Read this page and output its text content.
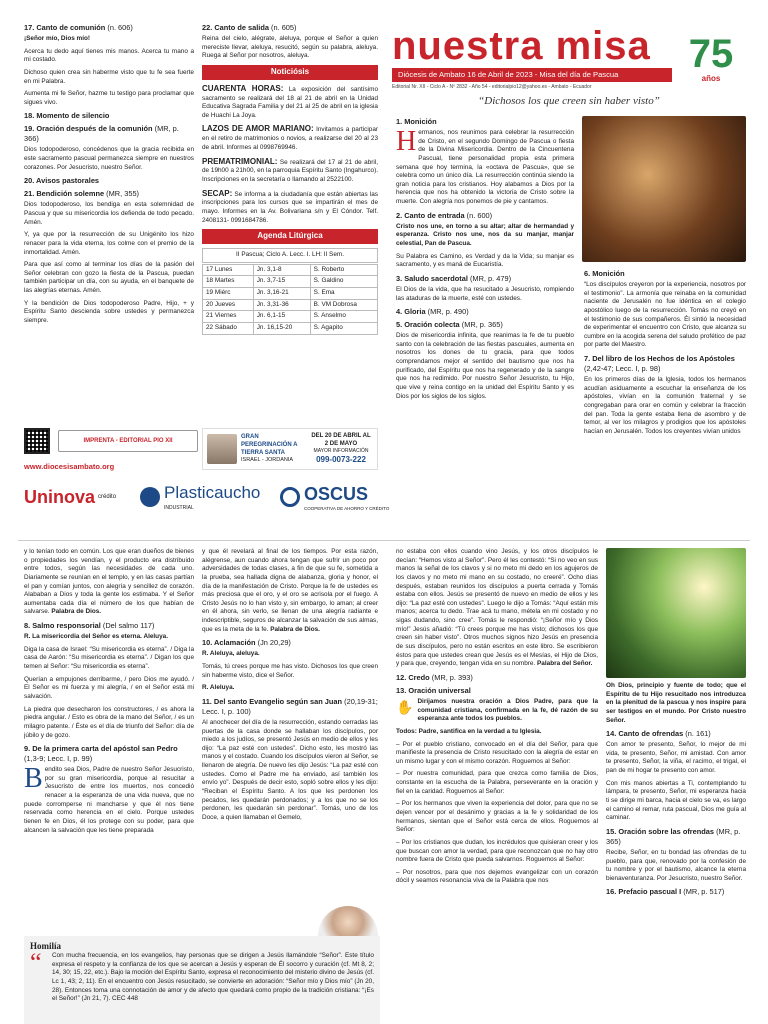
17. Canto de comunión (n. 606)

¡Señor mío, Dios mío!

Acerca tu dedo aquí tienes mis manos. Acerca tu mano a mi costado.

Dichoso quien crea sin haberme visto que tu fe sea fuerte en mi Palabra.

Aumenta mi fe Señor, hazme tu testigo para proclamar que sigues vivo.

18. Momento de silencio
19. Oración después de la comunión (MR, p. 366)

Dios todopoderoso, concédenos que la gracia recibida en este sacramento pascual permanezca siempre en nuestros corazones. Por Jesucristo, nuestro Señor.

20. Avisos pastorales
21. Bendición solemne (MR, 355)

Dios todopoderoso, los bendiga en esta solemnidad de Pascua y que su misericordia los defienda de todo pecado. Amén.

Y, ya que por la resurrección de su Unigénito los hizo renacer para la vida eterna, los colme con el premio de la inmortalidad. Amén.

Para que así como al terminar los días de la pasión del Señor celebran con gozo la fiesta de la Pascua, puedan también participar un día, con su ayuda, en el banquete de las alegrías eternas. Amén.

Y la bendición de Dios todopoderoso Padre, Hijo, + y Espíritu Santo descienda sobre ustedes y permanezca siempre.

IMPRENTA - EDITORIAL PIO XII
www.diocesisambato.org
22. Canto de salida (n. 605)

Reina del cielo, alégrate, aleluya, porque el Señor a quien mereciste llevar, aleluya, resucitó, según su palabra, aleluya. Ruega al Señor por nosotros, aleluya.

Noticiósis
CUARENTA HORAS: La exposición del santísimo sacramento se realizará del 18 al 21 de abril en la Unidad Educativa Sagrada Familia y del 21 al 25 de abril en la iglesia de Huachi La Joya.
LAZOS DE AMOR MARIANO: Invitamos a participar en el retiro de matrimonios o novios, a realizarse del 20 al 23 de abril. Informes al 0998769946.
PREMATRIMONIAL: Se realizará del 17 al 21 de abril, de 19h00 a 21h00, en la parroquia Espíritu Santo (Ingahurco). Inscripciones en la secretaría o llamando al 2522100.
SECAP: Se informa a la ciudadanía que están abiertas las inscripciones para los cursos que se impartirán el mes de mayo. Informes en la Av. Bolivariana s/n y El Cóndor. Telf. 2408131- 0991684786.
Agenda Litúrgica
II Pascua; Ciclo A. Lecc. I. LH: II Sem.
17 Lunes	Jn. 3,1-8	S. Roberto
18 Martes	Jn. 3,7-15	S. Galdino
19 Miérc	Jn. 3,16-21	S. Ema
20 Jueves	Jn. 3,31-36	B. VM Dobrosa
21 Viernes	Jn. 6,1-15	S. Anselmo
22 Sábado	Jn. 16,15-20	S. Agapito
GRAN PEREGRINACIÓN A TIERRA SANTA
ISRAEL - JORDANIA
DEL 20 DE ABRIL AL 2 DE MAYO
MAYOR INFORMACIÓN
099-0073-222
nuestra misa
Diócesis de Ambato 16 de Abril de 2023 - Misa del día de Pascua
Editorial Nr. XII - Ciclo A - Nº 2832 - Año 54 - editorialpio12@yahoo.es - Ambato - Ecuador
75
años
“Dichosos los que creen sin haber visto”
1. Monición

Hermanos, nos reunimos para celebrar la resurrección de Cristo, en el segundo Domingo de Pascua o fiesta de la Divina Misericordia. Dentro de la Cincuentena Pascual, tiene personalidad propia esta primera semana que hoy termina, la «octava de Pascua», que se celebra como un único día. La resurrección continúa siendo la gran noticia para los cristianos. Hoy alabamos a Dios por la herencia que nos ha obtenido la victoria de Cristo sobre la muerte. Con alegría nos ponemos de pie y cantamos.

2. Canto de entrada (n. 600)

Cristo nos une, en torno a su altar; altar de hermandad y esperanza. Cristo nos une, nos da su manjar, manjar celestial, Pan de Pascua.

Su Palabra es Camino, es Verdad y da la Vida; su manjar es sacramento, y es maná de Eucaristía.

3. Saludo sacerdotal (MR, p. 479)

El Dios de la vida, que ha resucitado a Jesucristo, rompiendo las ataduras de la muerte, esté con ustedes.

4. Gloria (MR, p. 490)
5. Oración colecta (MR, p. 365)

Dios de misericordia infinita, que reanimas la fe de tu pueblo santo con la celebración de las fiestas pascuales, aumenta en nosotros los dones de tu gracia, para que todos comprendamos mejor el sentido del bautismo que nos ha purificado, del Espíritu que nos ha regenerado y de la sangre que nos ha redimido. Por nuestro Señor Jesucristo, tu Hijo, que vive y reina contigo en la unidad del Espíritu Santo y es Dios por los siglos de los siglos.

6. Monición

“Los discípulos creyeron por la experiencia, nosotros por el testimonio”. La armonía que reinaba en la comunidad naciente de Jerusalén no fue idéntica en el colegio apostólico luego de la resurrección. Tomás no creyó en el testimonio de sus compañeros. Él sintió la necesidad de experimentar el encuentro con Cristo, que alcanza su cumbre en la acogida serena del saludo profético de paz por parte del Maestro.

7. Del libro de los Hechos de los Apóstoles (2,42-47; Lecc. I, p. 98)

En los primeros días de la Iglesia, todos los hermanos acudían asiduamente a escuchar la enseñanza de los apóstoles, vivían en la comunión fraternal y se congregaban para orar en común y celebrar la fracción del pan. Toda la gente estaba llena de asombro y de temor, al ver los milagros y prodigios que los apóstoles hacían en Jerusalén. Todos los creyentes vivían unidos

Uninova crédito	Plasticaucho
INDUSTRIAL
OSCUS
COOPERATIVA DE AHORRO Y CRÉDITO

y lo tenían todo en común. Los que eran dueños de bienes o propiedades los vendían, y el producto era distribuido entre todos, según las necesidades de cada uno. Diariamente se reunían en el templo, y en las casas partían el pan y comían juntos, con alegría y sencillez de corazón. Alababan a Dios y toda la gente los estimaba. Y el Señor aumentaba cada día el número de los que habían de salvarse. Palabra de Dios.

8. Salmo responsorial (Del salmo 117)

R. La misericordia del Señor es eterna. Aleluya.

Diga la casa de Israel: “Su misericordia es eterna”. / Diga la casa de Aarón: “Su misericordia es eterna”. / Digan los que temen al Señor: “Su misericordia es eterna”.

Querían a empujones derribarme, / pero Dios me ayudó. / El Señor es mi fuerza y mi alegría, / en el Señor está mi salvación.

La piedra que desecharon los constructores, / es ahora la piedra angular. / Esto es obra de la mano del Señor, / es un milagro patente. / Éste es el día de triunfo del Señor: día de júbilo y de gozo.

9. De la primera carta del apóstol san Pedro (1,3-9; Lecc. I, p. 99)

Bendito sea Dios, Padre de nuestro Señor Jesucristo, por su gran misericordia, porque al resucitar a Jesucristo de entre los muertos, nos concedió renacer a la esperanza de una vida nueva, que no puede corromperse ni mancharse y que él nos tiene reservada como herencia en el cielo. Porque ustedes tienen fe en Dios, él los protege con su poder, para que alcancen la salvación que les tiene preparada

y que él revelará al final de los tiempos. Por esta razón, alégrense, aun cuando ahora tengan que sufrir un poco por adversidades de todas clases, a fin de que su fe, sometida a la prueba, sea hallada digna de alabanza, gloria y honor, el día de la manifestación de Cristo. Porque la fe de ustedes es más preciosa que el oro, y el oro se acrisola por el fuego. A Cristo Jesús no lo han visto y, sin embargo, lo aman; al creer en él ahora, sin verlo, se llenan de una alegría radiante e indescriptible, seguros de alcanzar la salvación de sus almas, que es la meta de la fe. Palabra de Dios.

10. Aclamación (Jn 20,29)

R. Aleluya, aleluya.

Tomás, tú crees porque me has visto. Dichosos los que creen sin haberme visto, dice el Señor.

R. Aleluya.

11. Del santo Evangelio según san Juan (20,19-31; Lecc. I, p. 100)

Al anochecer del día de la resurrección, estando cerradas las puertas de la casa donde se hallaban los discípulos, por miedo a los judíos, se presentó Jesús en medio de ellos y les dijo: “La paz esté con ustedes”. Dicho esto, les mostró las manos y el costado. Cuando los discípulos vieron al Señor, se llenaron de alegría. De nuevo les dijo Jesús: “La paz esté con ustedes. Como el Padre me ha enviado, así también los envío yo”. Después de decir esto, sopló sobre ellos y les dijo: “Reciban el Espíritu Santo. A los que les perdonen los pecados, les quedarán perdonados; y a los que no se los perdonen, les quedarán sin perdonar”. Tomás, uno de los Doce, a quien llamaban el Gemelo,

no estaba con ellos cuando vino Jesús, y los otros discípulos le decían: “Hemos visto al Señor”. Pero él les contestó: “Si no veo en sus manos la señal de los clavos y si no meto mi dedo en los agujeros de los clavos y no meto mi mano en su costado, no creeré”. Ocho días después, estaban reunidos los discípulos a puerta cerrada y Tomás estaba con ellos. Jesús se presentó de nuevo en medio de ellos y les dijo: “La paz esté con ustedes”. Luego le dijo a Tomás: “Aquí están mis manos; acerca tu dedo. Trae acá tu mano, métela en mi costado y no sigas dudando, sino cree”. Tomás le respondió: “¡Señor mío y Dios mío!” Jesús añadió: “Tú crees porque me has visto; dichosos los que creen sin haber visto”. Otros muchos signos hizo Jesús en presencia de sus discípulos, pero no están escritos en este libro. Se escribieron éstos para que ustedes crean que Jesús es el Mesías, el Hijo de Dios, y para que, creyendo, tengan vida en su nombre. Palabra del Señor.

12. Credo (MR, p. 393)
13. Oración universal

✋ Dirijamos nuestra oración a Dios Padre, para que la comunidad cristiana, confirmada en la fe, dé razón de su esperanza ante todos los pueblos.

Todos: Padre, santifica en la verdad a tu Iglesia.

– Por el pueblo cristiano, convocado en el día del Señor, para que manifieste la presencia de Cristo resucitado con la alegría de estar en un mismo lugar y con el mismo corazón. Roguemos al Señor:

– Por nuestra comunidad, para que crezca como familia de Dios, constante en la escucha de la Palabra, perseverante en la oración y fiel en la caridad. Roguemos al Señor:

– Por los hermanos que viven la experiencia del dolor, para que no se dejen vencer por el desánimo y gracias a la fe y solidaridad de los hermanos, sientan que el Señor está cerca de ellos. Roguemos al Señor:

– Por los cristianos que dudan, los incrédulos que quisieran creer y los que buscan con amor la verdad, para que reconozcan que no hay otro nombre fuera de Cristo que pueda salvarnos. Roguemos al Señor:

– Por nosotros, para que nos dejemos evangelizar con un corazón dócil y seamos resonancia viva de la Palabra que nos

Oh Dios, principio y fuente de todo; que el Espíritu de tu Hijo resucitado nos introduzca en la plenitud de la pascua y nos inspire para ser testigos en el mundo. Por Cristo nuestro Señor.

14. Canto de ofrendas (n. 161)

Con amor te presento, Señor, lo mejor de mi vida, te presento, Señor, mi amistad. Con amor te presento, Señor, la viña, el racimo, el trigal, el pan de mi hogar te presento con amor.

Con mis manos abiertas a Ti, contemplando tu lámpara, te presento, Señor, mi esperanza hacia ti se dirige mi barca, hacia el cielo se va, es largo el camino el remar, ruta pascual, Dios me guía al caminar.

15. Oración sobre las ofrendas (MR, p. 365)

Recibe, Señor, en tu bondad las ofrendas de tu pueblo, para que, renovado por la confesión de tu nombre y por el bautismo, alcance la eterna bienaventuranza. Por Jesucristo, nuestro Señor.

16. Prefacio pascual I (MR, p. 517)
Homilía
“ Con mucha frecuencia, en los evangelios, hay personas que se dirigen a Jesús llamándole “Señor”. Este título expresa el respeto y la confianza de los que se acercan a Jesús y esperan de Él socorro y curación (cf. Mt 8, 2; 14, 30; 15, 22, etc.). Bajo la moción del Espíritu Santo, expresa el reconocimiento del misterio divino de Jesús (cf. Lc 1, 43; 2, 11). En el encuentro con Jesús resucitado, se convierte en adoración: “Señor mío y Dios mío” (Jn 20, 28). Entonces toma una connotación de amor y de afecto que quedará como propio de la tradición cristiana: “¡Es el Señor!” (Jn 21, 7). CEC 448
